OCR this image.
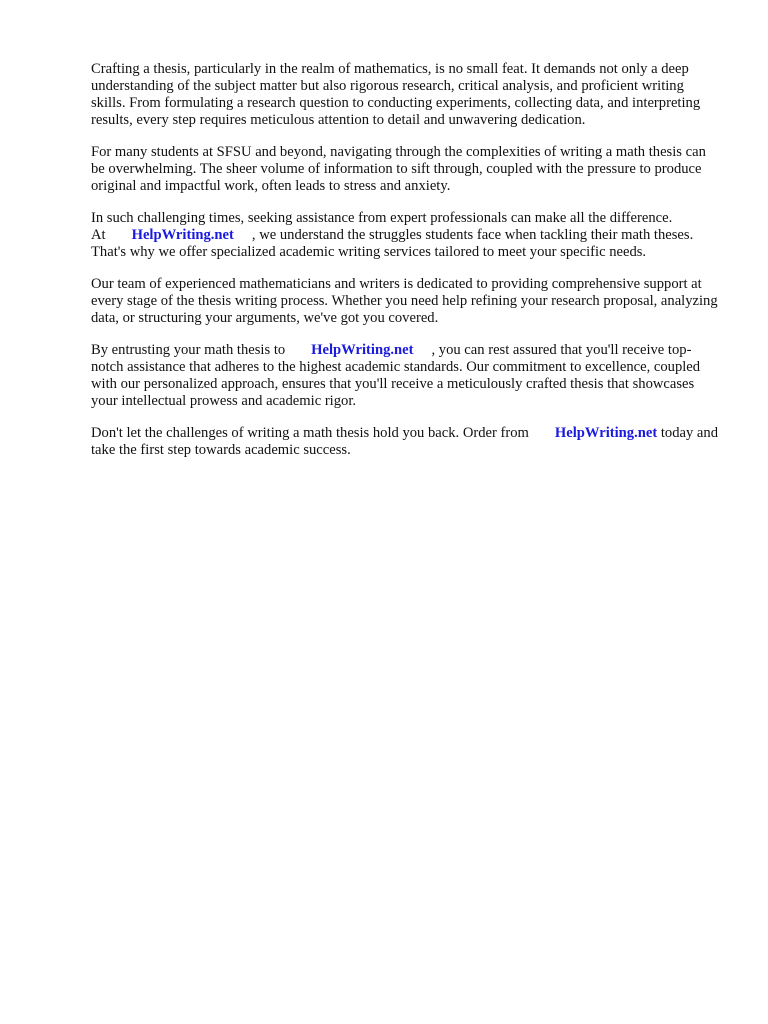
Crafting a thesis, particularly in the realm of mathematics, is no small feat. It demands not only a deep understanding of the subject matter but also rigorous research, critical analysis, and proficient writing skills. From formulating a research question to conducting experiments, collecting data, and interpreting results, every step requires meticulous attention to detail and unwavering dedication.

For many students at SFSU and beyond, navigating through the complexities of writing a math thesis can be overwhelming. The sheer volume of information to sift through, coupled with the pressure to produce original and impactful work, often leads to stress and anxiety.

In such challenging times, seeking assistance from expert professionals can make all the difference. At HelpWriting.net , we understand the struggles students face when tackling their math theses. That's why we offer specialized academic writing services tailored to meet your specific needs.

Our team of experienced mathematicians and writers is dedicated to providing comprehensive support at every stage of the thesis writing process. Whether you need help refining your research proposal, analyzing data, or structuring your arguments, we've got you covered.

By entrusting your math thesis to HelpWriting.net , you can rest assured that you'll receive top-notch assistance that adheres to the highest academic standards. Our commitment to excellence, coupled with our personalized approach, ensures that you'll receive a meticulously crafted thesis that showcases your intellectual prowess and academic rigor.

Don't let the challenges of writing a math thesis hold you back. Order from HelpWriting.net today and take the first step towards academic success.
